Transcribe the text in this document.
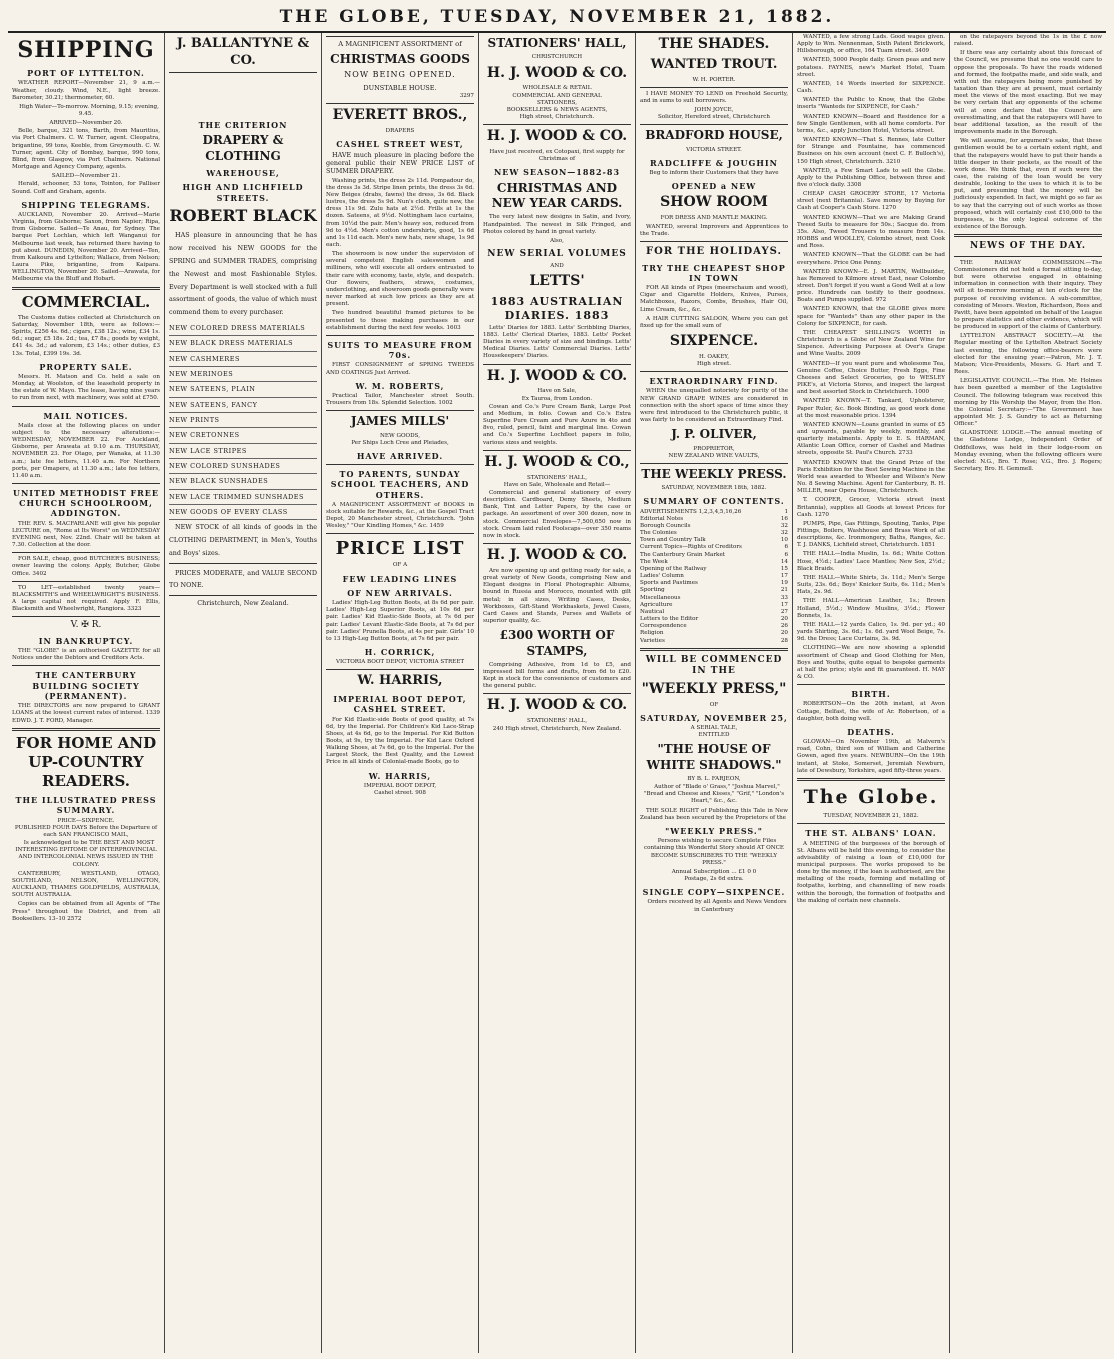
THE GLOBE, TUESDAY, NOVEMBER 21, 1882.
SHIPPING
PORT OF LYTTELTON.
WEATHER REPORT—November 21, 9 a.m.—Weather, cloudy. Wind, N.E., light breeze. Barometer, 30.21; thermometer, 60.
High Water—To-morrow. Morning, 9.15; evening, 9.45.
ARRIVED—November 20.
Belle, barque, 321 tons, Barth, from Mauritius, via Port Chalmers. C. W. Turner, agent. Cleopatra, brigantine, 99 tons, Keeble, from Greymouth. C. W. Turner, agent. City of Bombay, barque, 990 tons, Blind, from Glasgow, via Port Chalmers. National Mortgage and Agency Company, agents.
SAILED—November 21.
Herald, schooner, 53 tons, Tointon, for Palliser Sound. Coff and Graham, agents.
SHIPPING TELEGRAMS.
AUCKLAND, November 20. Arrived—Marie Virginia, from Gisborne; Saxon, from Napier; Ripa, from Gisborne. Sailed—Te Anau, for Sydney. The barque Port Lochlan, which left Wanganui for Melbourne last week, has returned there having to put about. DUNEDIN, November 20. Arrived—Ten, from Kaikoura and Lyttelton; Wallace, from Nelson; Laura Pike, brigantine, from Kaipara. WELLINGTON, November 20. Sailed—Arawata, for Melbourne via the Bluff and Hobart.
COMMERCIAL.
The Customs duties collected at Christchurch on Saturday, November 18th, were as follows:—Spirits, £256 4s. 6d.; cigars, £38 12s.; wine, £34 1s. 6d.; sugar, £5 18s. 2d.; tea, £7 8s.; goods by weight, £41 4s. 3d.; ad valorem, £3 14s.; other duties, £3 13s. Total, £399 19s. 3d.
PROPERTY SALE.
Messrs. H. Matson and Co. held a sale on Monday, at Woolston, of the leasehold property in the estate of W. Mayo. The lease, having nine years to run from next, with machinery, was sold at £750.
MAIL NOTICES.
Mails close at the following places on under subject to the necessary alterations:— WEDNESDAY, NOVEMBER 22. For Auckland, Gisborne, per Arawata at 9.10 a.m. THURSDAY, NOVEMBER 23. For Otago, per Wanaka, at 11.30 a.m.; late fee letters, 11.40 a.m. For Northern ports, per Omapere, at 11.30 a.m.; late fee letters, 11.40 a.m.
UNITED METHODIST FREE CHURCH SCHOOLROOM, ADDINGTON.
THE REV. S. MACFARLANE will give his popular LECTURE on, "Rome at Its Worst" on WEDNESDAY EVENING next, Nov. 22nd. Chair will be taken at 7.30. Collection at the door.
FOR SALE, cheap, good BUTCHER'S BUSINESS; owner leaving the colony. Apply, Butcher, Globe Office. 3402
TO LET—established twenty years—BLACKSMITH'S and WHEELWRIGHT'S BUSINESS. A large capital not required. Apply F. Ellis, Blacksmith and Wheelwright, Rangiora. 3323
V. ✠ R.
IN BANKRUPTCY.
THE "GLOBE" is an authorised GAZETTE for all Notices under the Debtors and Creditors Acts.
THE CANTERBURY BUILDING SOCIETY (PERMANENT).
THE DIRECTORS are now prepared to GRANT LOANS at the lowest current rates of interest. 1339 EDWD. J. T. FORD, Manager.
FOR HOME AND UP-COUNTRY READERS.
THE ILLUSTRATED PRESS SUMMARY.
PRICE—SIXPENCE.
PUBLISHED FOUR DAYS Before the Departure of each SAN FRANCISCO MAIL,
Is acknowledged to be THE BEST AND MOST INTERESTING EPITOME OF INTERPROVINCIAL AND INTERCOLONIAL NEWS ISSUED IN THE COLONY.
CANTERBURY, WESTLAND, OTAGO, SOUTHLAND, NELSON, WELLINGTON, AUCKLAND, THAMES GOLDFIELDS, AUSTRALIA, SOUTH AUSTRALIA.
Copies can be obtained from all Agents of "The Press" throughout the District, and from all Booksellers. 13–10 2572
J. BALLANTYNE & CO.
THE CRITERION
DRAPERY & CLOTHING
WAREHOUSE,
HIGH AND LICHFIELD STREETS.
ROBERT BLACK
HAS pleasure in announcing that he has now received his NEW GOODS for the SPRING and SUMMER TRADES, comprising the Newest and most Fashionable Styles. Every Department is well stocked with a full assortment of goods, the value of which must commend them to every purchaser.
NEW COLORED DRESS MATERIALS
NEW BLACK DRESS MATERIALS
NEW CASHMERES
NEW MERINOES
NEW SATEENS, PLAIN
NEW SATEENS, FANCY
NEW PRINTS
NEW CRETONNES
NEW LACE STRIPES
NEW COLORED SUNSHADES
NEW BLACK SUNSHADES
NEW LACE TRIMMED SUNSHADES
NEW GOODS OF EVERY CLASS
NEW STOCK of all kinds of goods in the CLOTHING DEPARTMENT, in Men's, Youths and Boys' sizes.
PRICES MODERATE, and VALUE SECOND TO NONE.
Christchurch, New Zealand.
A MAGNIFICENT ASSORTMENT of
CHRISTMAS GOODS
NOW BEING OPENED.
DUNSTABLE HOUSE.
3297
EVERETT BROS.,
DRAPERS
CASHEL STREET WEST,
HAVE much pleasure in placing before the general public their NEW PRICE LIST of SUMMER DRAPERY.
Washing prints, the dress 2s 11d. Pompadour do, the dress 3s 3d. Stripe linen prints, the dress 3s 6d. New Beiges (drabs, fawns) the dress, 3s 6d. Black lustres, the dress 5s 9d. Nun's cloth, quite new, the dress 11s 9d. Zulu hats at 2½d. Frills at 1s the dozen. Sateens, at 9½d. Nottingham lace curtains, from 10½d the pair. Men's heavy sox, reduced from 9d to 4½d. Men's cotton undershirts, good, 1s 6d and 1s 11d each. Men's new hats, new shape, 1s 9d each.
The showroom is now under the supervision of several competent English saleswomen and milliners, who will execute all orders entrusted to their care with economy, taste, style, and despatch. Our flowers, feathers, straws, costumes, underclothing, and showroom goods generally were never marked at such low prices as they are at present.
Two hundred beautiful framed pictures to be presented to those making purchases in our establishment during the next few weeks. 1603
SUITS TO MEASURE FROM 70s.
FIRST CONSIGNMENT of SPRING TWEEDS AND COATINGS Just Arrived.
W. M. ROBERTS,
Practical Tailor, Manchester street South. Trousers from 18s. Splendid Selection. 1002
JAMES MILLS'
NEW GOODS,
Per Ships Loch Cree and Pleiades,
HAVE ARRIVED.
TO PARENTS, SUNDAY SCHOOL TEACHERS, AND OTHERS.
A MAGNIFICENT ASSORTMENT of BOOKS in stock suitable for Rewards, &c., at the Gospel Tract Depot, 20 Manchester street, Christchurch. "John Wesley," "Our Kindling Homes," &c. 1459
PRICE LIST
OF A
FEW LEADING LINES
OF NEW ARRIVALS.
Ladies' High-Leg Button Boots, at 8s 6d per pair. Ladies' High-Leg Superior Boots, at 10s 6d per pair. Ladies' Kid Elastic-Side Boots, at 7s 6d per pair. Ladies' Levant Elastic-Side Boots, at 7s 6d per pair. Ladies' Prunella Boots, at 4s per pair. Girls' 10 to 13 High-Leg Button Boots, at 7s 6d per pair.
H. CORRICK,
VICTORIA BOOT DEPOT, VICTORIA STREET
W. HARRIS,
IMPERIAL BOOT DEPOT, CASHEL STREET.
For Kid Elastic-side Boots of good quality, at 7s 6d, try the Imperial. For Children's Kid Lace-Strap Shoes, at 4s 6d, go to the Imperial. For Kid Button Boots, at 9s, try the Imperial. For Kid Lace Oxford Walking Shoes, at 7s 6d, go to the Imperial. For the Largest Stock, the Best Quality, and the Lowest Price in all kinds of Colonial-made Boots, go to
W. HARRIS,
IMPERIAL BOOT DEPOT,
Cashel street. 908
STATIONERS' HALL,
CHRISTCHURCH
H. J. WOOD & CO.
WHOLESALE & RETAIL
COMMERCIAL AND GENERAL
STATIONERS,
BOOKSELLERS & NEWS AGENTS,
High street, Christchurch.
H. J. WOOD & CO.
Have just received, ex Cotopaxi, first supply for Christmas of
NEW SEASON—1882-83
CHRISTMAS AND NEW YEAR CARDS.
The very latest new designs in Satin, and Ivory, Handpainted. The newest in Silk Fringed, and Photos colored by hand in great variety.
Also,
NEW SERIAL VOLUMES
AND
LETTS'
1883 AUSTRALIAN DIARIES. 1883
Letts' Diaries for 1883. Letts' Scribbling Diaries, 1883. Letts' Clerical Diaries, 1883. Letts' Pocket Diaries in every variety of size and bindings. Letts' Medical Diaries. Letts' Commercial Diaries. Letts' Housekeepers' Diaries.
H. J. WOOD & CO.
Have on Sale,
Ex Tauroa, from London.
Cowan and Co.'s Pure Cream Bank, Large Post and Medium, in folio. Cowan and Co.'s Extra Superfine Pure Cream and Pure Azure in 4to and 8vo, ruled, pencil, faint and marginal line. Cowan and Co.'s Superfine Lochfleet papers in folio, various sizes and weights.
H. J. WOOD & CO.,
STATIONERS' HALL,
Have on Sale, Wholesale and Retail—
Commercial and general stationery of every description. Cardboard, Demy Sheets, Medium Bank, Tint and Letter Papers, by the case or package. An assortment of over 300 dozen, now in stock. Commercial Envelopes—7,500,650 now in stock. Cream laid ruled Foolscaps—over 350 reams now in stock.
H. J. WOOD & CO.
Are now opening up and getting ready for sale, a great variety of New Goods, comprising New and Elegant designs in Floral Photographic Albums, bound in Russia and Morocco, mounted with gilt metal; in all sizes, Writing Cases, Desks, Workboxes, Gift-Stand Workbaskets, Jewel Cases, Card Cases and Stands, Purses and Wallets of superior quality, &c.
£300 WORTH OF STAMPS,
Comprising Adhesive, from 1d to £5, and impressed bill forms and drafts, from 6d to £20. Kept in stock for the convenience of customers and the general public.
H. J. WOOD & CO.
STATIONERS' HALL,
240 High street, Christchurch, New Zealand.
THE SHADES.
WANTED TROUT.
W. H. PORTER.
I HAVE MONEY TO LEND on Freehold Security, and in sums to suit borrowers.
JOHN JOYCE,
Solicitor, Hereford street, Christchurch
BRADFORD HOUSE,
VICTORIA STREET.
RADCLIFFE & JOUGHIN
Beg to inform their Customers that they have
OPENED a NEW
SHOW ROOM
FOR DRESS AND MANTLE MAKING.
WANTED, several Improvers and Apprentices to the Trade.
FOR THE HOLIDAYS.
TRY THE CHEAPEST SHOP IN TOWN
FOR All kinds of Pipes (meerschaum and wood), Cigar and Cigarette Holders, Knives, Purses, Matchboxes, Razors, Combs, Brushes, Hair Oil, Lime Cream, &c., &c.
A HAIR CUTTING SALOON, Where you can get fixed up for the small sum of
SIXPENCE.
H. OAKEY,
High street.
EXTRAORDINARY FIND.
WHEN the unequalled notoriety for purity of the NEW GRAND GRAPE WINES are considered in connection with the short space of time since they were first introduced to the Christchurch public, it was fairly to be considered an Extraordinary Find.
J. P. OLIVER,
PROPRIETOR,
NEW ZEALAND WINE VAULTS,
THE WEEKLY PRESS.
SATURDAY, NOVEMBER 18th, 1882.
SUMMARY OF CONTENTS.
ADVERTISEMENTS 1,2,3,4,5,16,26	1
Editorial Notes	16
Borough Councils	32
The Colonies	32
Town and Country Talk	10
Current Topics—Rights of Creditors	6
The Canterbury Grain Market	6
The Week	14
Opening of the Railway	15
Ladies' Column	17
Sports and Pastimes	19
Sporting	21
Miscellaneous	33
Agriculture	17
Nautical	27
Letters to the Editor	20
Correspondence	26
Religion	20
Varieties	28
WILL BE COMMENCED IN THE
"WEEKLY PRESS,"
OF
SATURDAY, NOVEMBER 25,
A SERIAL TALE,
ENTITLED
"THE HOUSE OF WHITE SHADOWS."
BY B. L. FARJEON,
Author of "Blade o' Grass," "Joshua Marvel," "Bread and Cheese and Kisses," "Grif," "London's Heart," &c., &c.
THE SOLE RIGHT of Publishing this Tale in New Zealand has been secured by the Proprietors of the
"WEEKLY PRESS."
Persons wishing to secure Complete Files containing this Wonderful Story should AT ONCE BECOME SUBSCRIBERS TO THE "WEEKLY PRESS."
Annual Subscription ... £1 0 0
Postage, 2s 6d extra.
SINGLE COPY—SIXPENCE.
Orders received by all Agents and News Vendors in Canterbury
WANTED, a few strong Lads. Good wages given. Apply to Wm. Nennenman, Sixth Patent Brickwork, Hillsborough, or office, 164 Tuam street. 3409
WANTED, 5000 People daily. Green peas and new potatoes. FAYNES, new's Market Hotel, Tuam street.
WANTED, 14 Words inserted for SIXPENCE. Cash.
WANTED the Public to Know, that the Globe inserts "Wanteds for SIXPENCE, for Cash."
WANTED KNOWN—Board and Residence for a few Single Gentlemen, with all home comforts. For terms, &c., apply Junction Hotel, Victoria street.
WANTED KNOWN—That S. Rennes, late Cutter for Strange and Fountaine, has commenced Business on his own account (next C. F. Bulloch's), 150 High street, Christchurch. 3210
WANTED, a Few Smart Lads to sell the Globe. Apply to the Publishing Office, between three and five o'clock daily. 3308
CHEAP CASH GROCERY STORE, 17 Victoria street (next Britannia). Save money by Buying for Cash at Cooper's Cash Store. 1270
WANTED KNOWN—That we are Making Grand Tweed Suits to measure for 50s.; Sacque do. from 35s. Also, Tweed Trousers to measure from 14s. HOBBS and WOOLLEY, Colombo street, next Cook and Ross.
WANTED KNOWN—That the GLOBE can be had everywhere. Price One Penny.
WANTED KNOWN—E. J. MARTIN, Wellbuilder, has Removed to Kilmore street East, near Colombo street. Don't forget if you want a Good Well at a low price. Hundreds can testify to their goodness. Boats and Pumps supplied. 972
WANTED KNOWN, that the GLOBE gives more space for "Wanteds" than any other paper in the Colony for SIXPENCE, for cash.
THE CHEAPEST SHILLING'S WORTH in Christchurch is a Globe of New Zealand Wine for Sixpence. Advertising Purposes at Over's Grape and Wine Vaults. 2009
WANTED—If you want pure and wholesome Tea, Genuine Coffee, Choice Butter, Fresh Eggs, Fine Cheeses and Select Groceries, go to WESLEY PIKE's, at Victoria Stores, and inspect the largest and best assorted Stock in Christchurch. 1000
WANTED KNOWN—T. Tankard, Upholsterer, Paper Ruler, &c. Book Binding, as good work done at the most reasonable price. 1394
WANTED KNOWN—Loans granted in sums of £5 and upwards, payable by weekly, monthly, and quarterly instalments. Apply to E. S. HARMAN, Atlantic Loan Office, corner of Cashel and Madras streets, opposite St. Paul's Church. 2733
WANTED KNOWN that the Grand Prize of the Paris Exhibition for the Best Sewing Machine in the World was awarded to Wheeler and Wilson's New No. 8 Sewing Machine. Agent for Canterbury, R. H. MILLER, near Opera House, Christchurch.
T. COOPER, Grocer, Victoria street (next Britannia), supplies all Goods at lowest Prices for Cash. 1270
PUMPS, Pipe, Gas Fittings, Spouting, Tanks, Pipe Fittings, Boilers, Washhouse and Brass Work of all descriptions, &c. Ironmongery, Baths, Ranges, &c. T. J. DANKS, Lichfield street, Christchurch. 1851
THE HALL—India Muslin, 1s. 6d.; White Cotton Hose, 4½d.; Ladies' Lace Mantles; New Sox, 2½d.; Black Braids.
THE HALL—White Shirts, 3s. 11d.; Men's Serge Suits, 23s. 6d.; Boys' Knicker Suits, 6s. 11d.; Men's Hats, 2s. 9d.
THE HALL—American Leather, 1s.; Brown Holland, 5½d.; Window Muslins, 3½d.; Flower Bonnets, 1s.
THE HALL—12 yards Calico, 1s. 9d. per yd.; 40 yards Shirting, 3s. 6d.; 1s. 6d. yard Wool Beige, 7s. 9d. the Dress; Lace Curtains, 3s. 9d.
CLOTHING—We are now showing a splendid assortment of Cheap and Good Clothing for Men, Boys and Youths, quite equal to bespoke garments at half the price; style and fit guaranteed. H. MAY & CO.
BIRTH.
ROBERTSON—On the 20th instant, at Avon Cottage, Belfast, the wife of Ar. Robertson, of a daughter, both doing well.
DEATHS.
GLOWAN—On November 19th, at Malvern's road, Cohn, third son of William and Catherine Gowen, aged five years. NEWBURN—On the 19th instant, at Stoke, Somerset, Jeremiah Newburn, late of Dewsbury, Yorkshire, aged fifty-three years.
The Globe.
TUESDAY, NOVEMBER 21, 1882.
THE ST. ALBANS' LOAN.
A MEETING of the burgesses of the borough of St. Albans will be held this evening, to consider the advisability of raising a loan of £10,000 for municipal purposes. The works proposed to be done by the money, if the loan is authorised, are the metalling of the roads, forming and metalling of footpaths, kerbing, and channelling of new roads within the borough, the formation of footpaths and the making of certain new channels.
on the ratepayers beyond the 1s in the £ now raised.
If there was any certainty about this forecast of the Council, we presume that no one would care to oppose the proposals. To have the roads widened and formed, the footpaths made, and side walk, and with out the ratepayers being more punished by taxation than they are at present, must certainly meet the views of the most exacting. But we may be very certain that any opponents of the scheme will at once declare that the Council are overestimating, and that the ratepayers will have to bear additional taxation, as the result of the improvements made in the Borough.
We will assume, for argument's sake, that these gentlemen would be to a certain extent right, and that the ratepayers would have to put their hands a little deeper in their pockets, as the result of the work done. We think that, even if such were the case, the raising of the loan would be very desirable, looking to the uses to which it is to be put, and presuming that the money will be judiciously expended. In fact, we might go so far as to say that the carrying out of such works as those proposed, which will certainly cost £10,000 to the burgesses, is the only logical outcome of the existence of the Borough.
NEWS OF THE DAY.
THE RAILWAY COMMISSION.—The Commissioners did not hold a formal sitting to-day, but were otherwise engaged in obtaining information in connection with their inquiry. They will sit to-morrow morning at ten o'clock for the purpose of receiving evidence. A sub-committee, consisting of Messrs. Weston, Richardson, Rees and Pavitt, have been appointed on behalf of the League to prepare statistics and other evidence, which will be produced in support of the claims of Canterbury.
LYTTELTON ABSTRACT SOCIETY.—At the Regular meeting of the Lyttelton Abstract Society last evening, the following office-bearers were elected for the ensuing year:—Patron, Mr. J. T. Matson; Vice-Presidents, Messrs. G. Hart and T. Rees.
LEGISLATIVE COUNCIL.—The Hon. Mr. Holmes has been gazetted a member of the Legislative Council. The following telegram was received this morning by His Worship the Mayor, from the Hon. the Colonial Secretary:—"The Government has appointed Mr. J. S. Gundry to act as Returning Officer."
GLADSTONE LODGE.—The annual meeting of the Gladstone Lodge, Independent Order of Oddfellows, was held in their lodge-room on Monday evening, when the following officers were elected: N.G., Bro. T. Rose; V.G., Bro. J. Rogers; Secretary, Bro. H. Gemmell.
